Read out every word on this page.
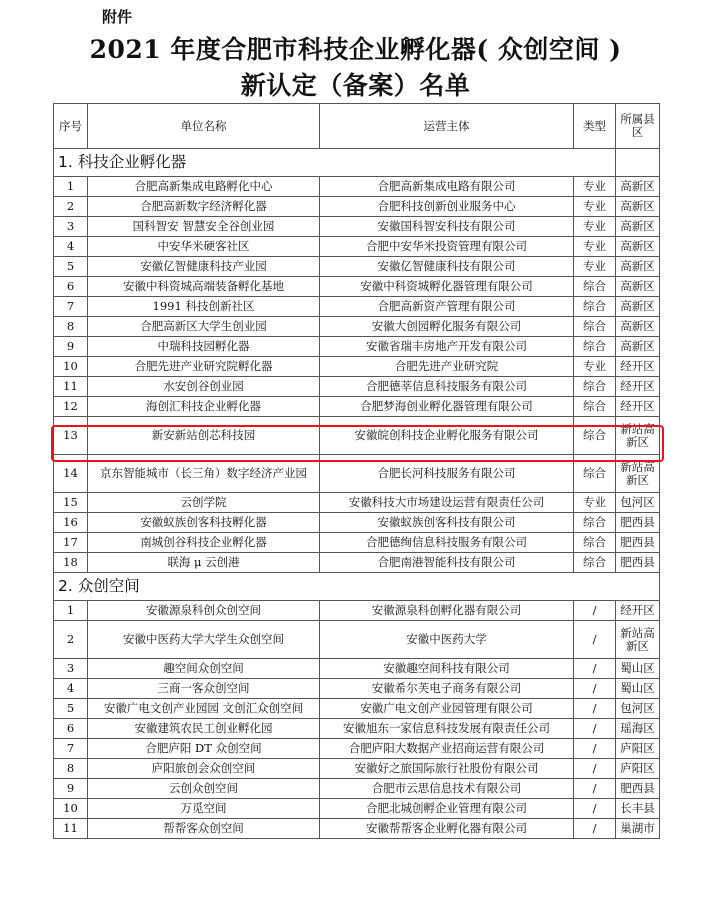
附件
2021 年度合肥市科技企业孵化器( 众创空间 )
新认定（备案）名单
序号	单位名称	运营主体	类型	所属县区
1. 科技企业孵化器				
1	合肥高新集成电路孵化中心	合肥高新集成电路有限公司	专业	高新区
2	合肥高新数字经济孵化器	合肥科技创新创业服务中心	专业	高新区
3	国科智安 智慧安全谷创业园	安徽国科智安科技有限公司	专业	高新区
4	中安华米硬客社区	合肥中安华米投资管理有限公司	专业	高新区
5	安徽亿智健康科技产业园	安徽亿智健康科技有限公司	专业	高新区
6	安徽中科资城高端装备孵化基地	安徽中科资城孵化器管理有限公司	综合	高新区
7	1991 科技创新社区	合肥高新资产管理有限公司	综合	高新区
8	合肥高新区大学生创业园	安徽大创园孵化服务有限公司	综合	高新区
9	中瑞科技园孵化器	安徽省瑞丰房地产开发有限公司	综合	高新区
10	合肥先进产业研究院孵化器	合肥先进产业研究院	专业	经开区
11	水安创谷创业园	合肥德莘信息科技服务有限公司	综合	经开区
12	海创汇科技企业孵化器	合肥梦海创业孵化器管理有限公司	综合	经开区
13	新安新站创芯科技园	安徽皖创科技企业孵化服务有限公司	综合	新站高新区
14	京东智能城市（长三角）数字经济产业园	合肥长河科技服务有限公司	综合	新站高新区
15	云创学院	安徽科技大市场建设运营有限责任公司	专业	包河区
16	安徽蚁族创客科技孵化器	安徽蚁族创客科技有限公司	综合	肥西县
17	南城创谷科技企业孵化器	合肥德绚信息科技服务有限公司	综合	肥西县
18	联海 μ 云创港	合肥南港智能科技有限公司	综合	肥西县
2. 众创空间				
1	安徽源泉科创众创空间	安徽源泉科创孵化器有限公司	/	经开区
2	安徽中医药大学大学生众创空间	安徽中医药大学	/	新站高新区
3	趣空间众创空间	安徽趣空间科技有限公司	/	蜀山区
4	三商一客众创空间	安徽希尔芙电子商务有限公司	/	蜀山区
5	安徽广电文创产业园园 文创汇众创空间	安徽广电文创产业园管理有限公司	/	包河区
6	安徽建筑农民工创业孵化园	安徽旭东一家信息科技发展有限责任公司	/	瑶海区
7	合肥庐阳 DT 众创空间	合肥庐阳大数据产业招商运营有限公司	/	庐阳区
8	庐阳旅创会众创空间	安徽好之旅国际旅行社股份有限公司	/	庐阳区
9	云创众创空间	合肥市云思信息技术有限公司	/	肥西县
10	万觅空间	合肥北城创孵企业管理有限公司	/	长丰县
11	帮帮客众创空间	安徽帮帮客企业孵化器有限公司	/	巢湖市
